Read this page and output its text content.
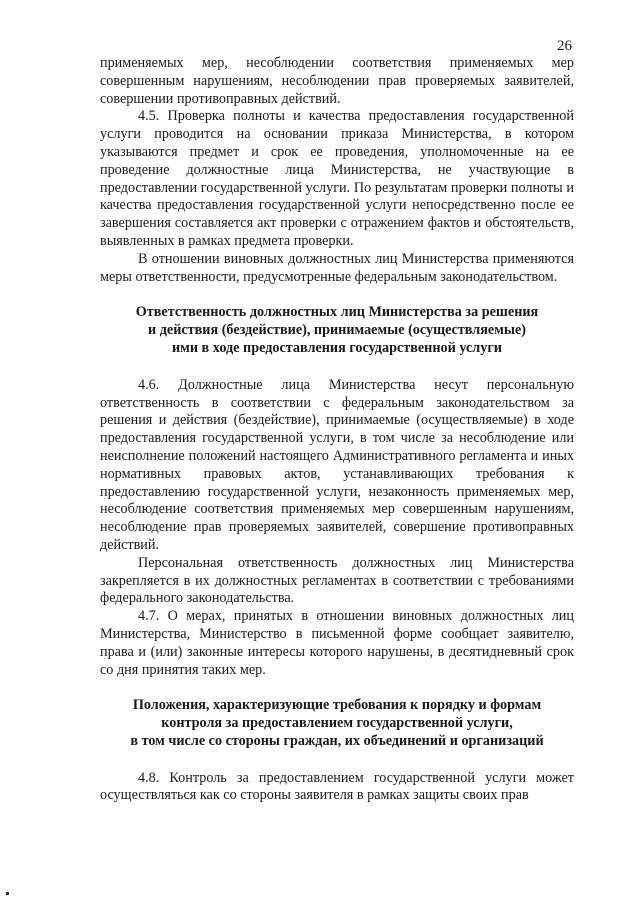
26

применяемых мер, несоблюдении соответствия применяемых мер совершенным нарушениям, несоблюдении прав проверяемых заявителей, совершении противоправных действий.

4.5. Проверка полноты и качества предоставления государственной услуги проводится на основании приказа Министерства, в котором указываются предмет и срок ее проведения, уполномоченные на ее проведение должностные лица Министерства, не участвующие в предоставлении государственной услуги. По результатам проверки полноты и качества предоставления государственной услуги непосредственно после ее завершения составляется акт проверки с отражением фактов и обстоятельств, выявленных в рамках предмета проверки.

В отношении виновных должностных лиц Министерства применяются меры ответственности, предусмотренные федеральным законодательством.

Ответственность должностных лиц Министерства за решения
и действия (бездействие), принимаемые (осуществляемые)
ими в ходе предоставления государственной услуги

4.6. Должностные лица Министерства несут персональную ответственность в соответствии с федеральным законодательством за решения и действия (бездействие), принимаемые (осуществляемые) в ходе предоставления государственной услуги, в том числе за несоблюдение или неисполнение положений настоящего Административного регламента и иных нормативных правовых актов, устанавливающих требования к предоставлению государственной услуги, незаконность применяемых мер, несоблюдение соответствия применяемых мер совершенным нарушениям, несоблюдение прав проверяемых заявителей, совершение противоправных действий.

Персональная ответственность должностных лиц Министерства закрепляется в их должностных регламентах в соответствии с требованиями федерального законодательства.

4.7. О мерах, принятых в отношении виновных должностных лиц Министерства, Министерство в письменной форме сообщает заявителю, права и (или) законные интересы которого нарушены, в десятидневный срок со дня принятия таких мер.

Положения, характеризующие требования к порядку и формам
контроля за предоставлением государственной услуги,
в том числе со стороны граждан, их объединений и организаций

4.8. Контроль за предоставлением государственной услуги может осуществляться как со стороны заявителя в рамках защиты своих прав
